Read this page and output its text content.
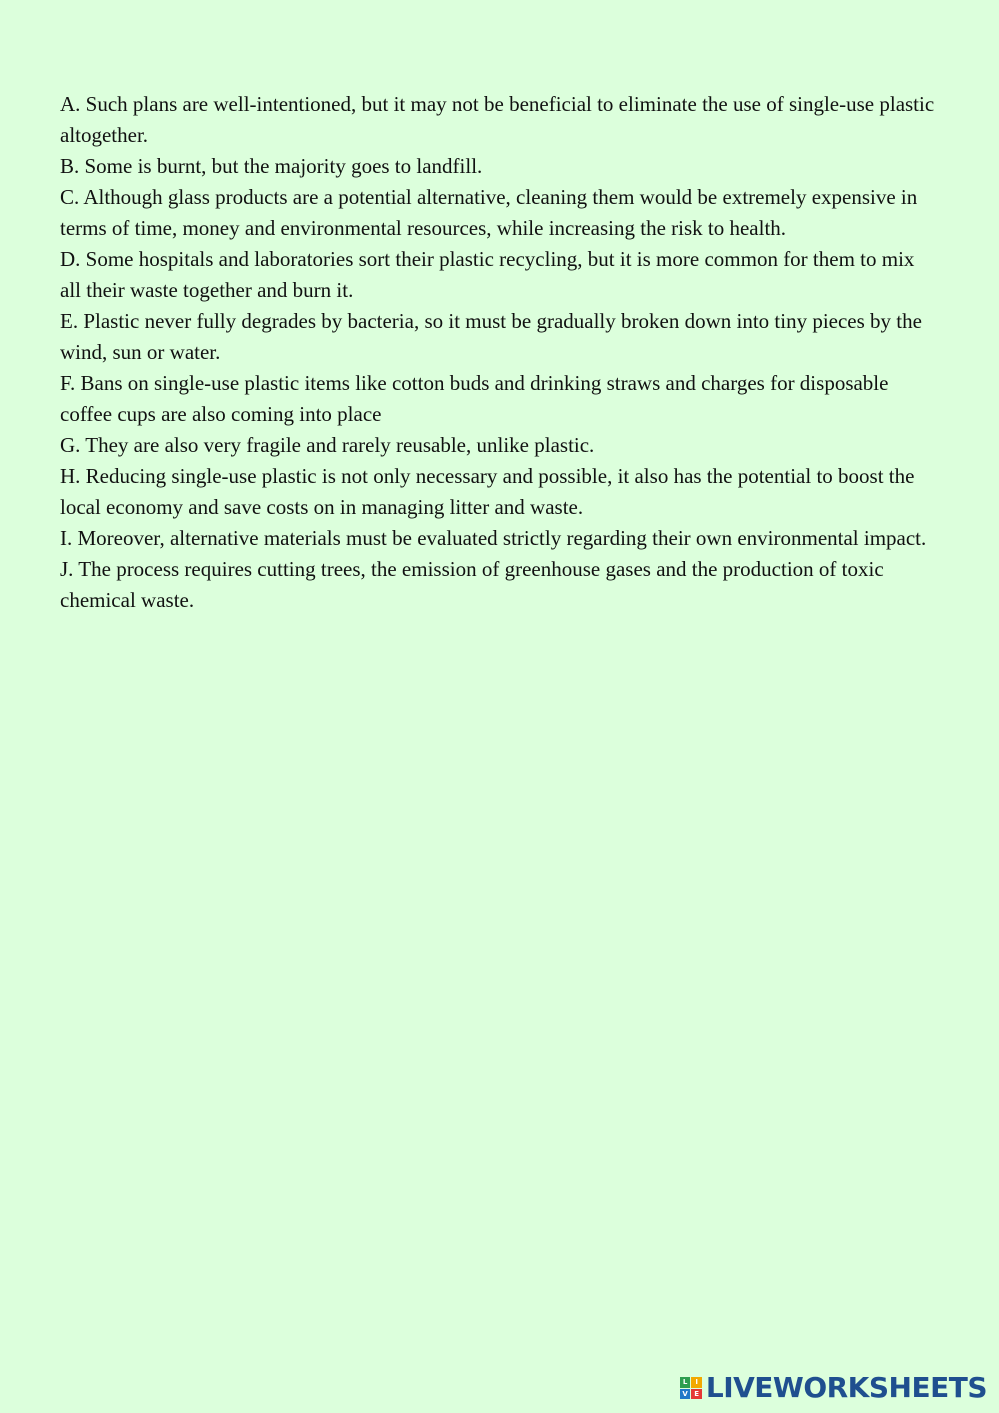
A. Such plans are well-intentioned, but it may not be beneficial to eliminate the use of single-use plastic altogether.

B. Some is burnt, but the majority goes to landfill.

C. Although glass products are a potential alternative, cleaning them would be extremely expensive in terms of time, money and environmental resources, while increasing the risk to health.

D. Some hospitals and laboratories sort their plastic recycling, but it is more common for them to mix all their waste together and burn it.

E. Plastic never fully degrades by bacteria, so it must be gradually broken down into tiny pieces by the wind, sun or water.

F. Bans on single-use plastic items like cotton buds and drinking straws and charges for disposable coffee cups are also coming into place

G. They are also very fragile and rarely reusable, unlike plastic.

H. Reducing single-use plastic is not only necessary and possible, it also has the potential to boost the local economy and save costs on in managing litter and waste.

I. Moreover, alternative materials must be evaluated strictly regarding their own environmental impact.

J. The process requires cutting trees, the emission of greenhouse gases and the production of toxic chemical waste.

L	I
V E LIVEWORKSHEETS
